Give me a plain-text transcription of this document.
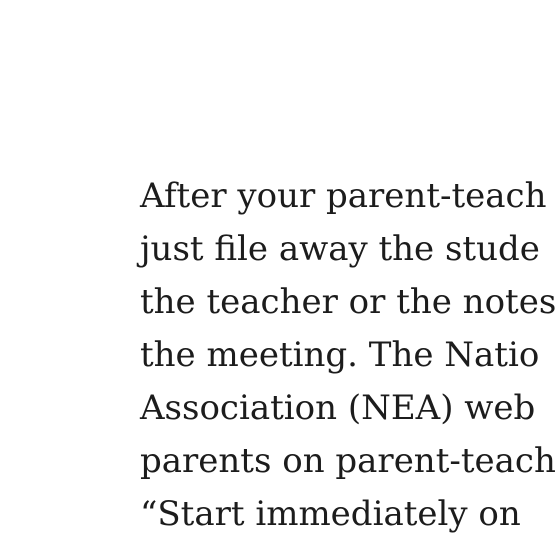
After your parent-teach
just file away the stude
the teacher or the notes
the meeting. The Natio
Association (NEA) web
parents on parent-teach
“Start immediately on
